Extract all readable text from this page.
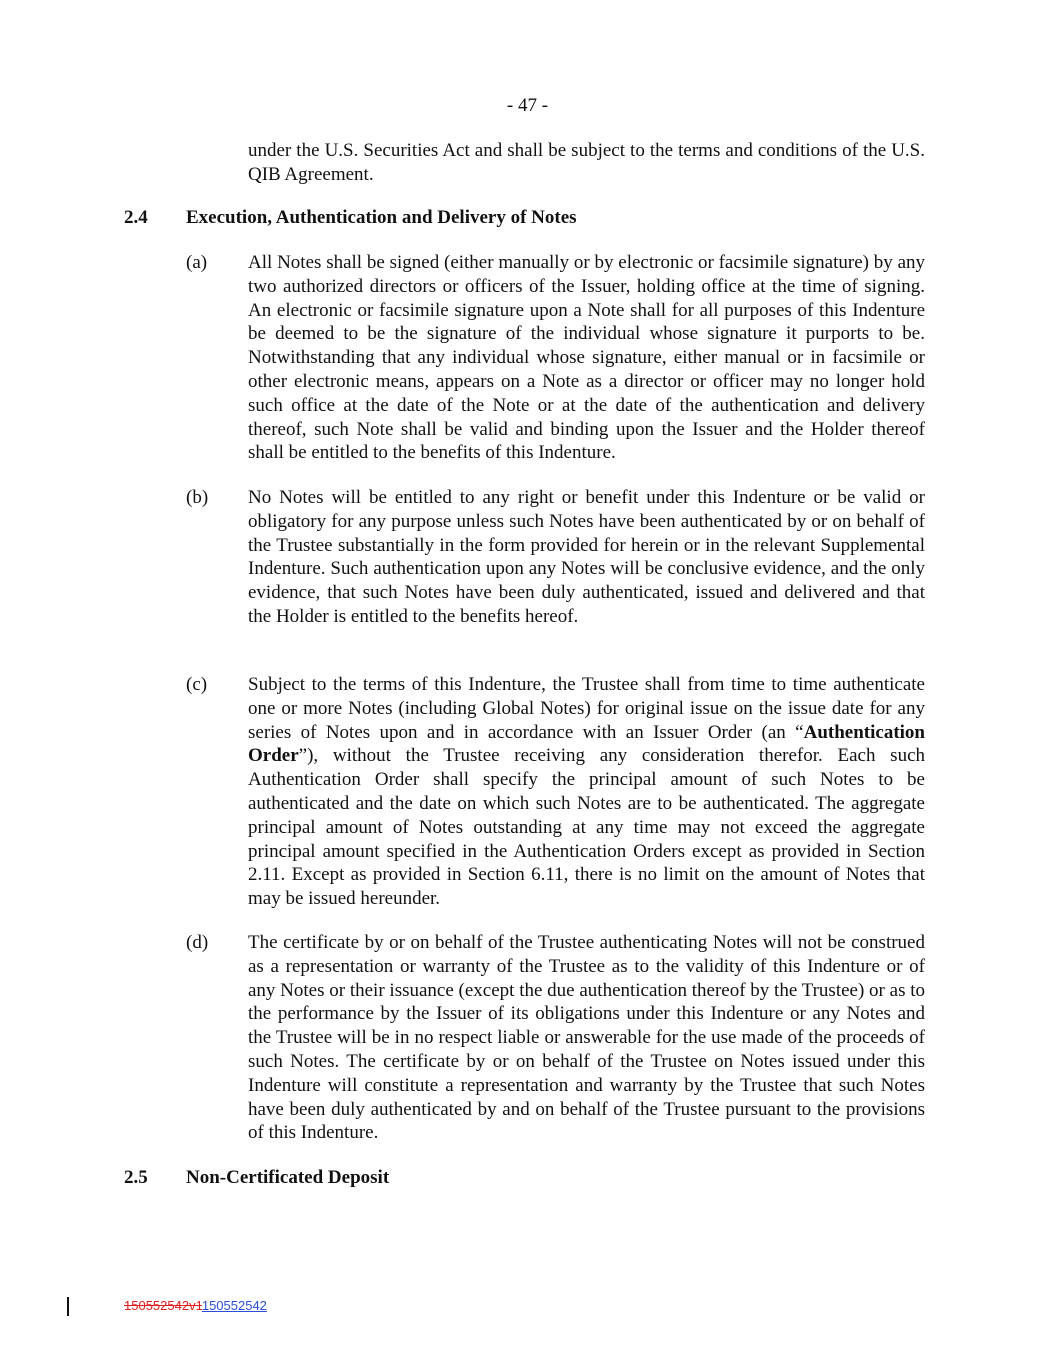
- 47 -
under the U.S. Securities Act and shall be subject to the terms and conditions of the U.S. QIB Agreement.
2.4 Execution, Authentication and Delivery of Notes
(a) All Notes shall be signed (either manually or by electronic or facsimile signature) by any two authorized directors or officers of the Issuer, holding office at the time of signing. An electronic or facsimile signature upon a Note shall for all purposes of this Indenture be deemed to be the signature of the individual whose signature it purports to be. Notwithstanding that any individual whose signature, either manual or in facsimile or other electronic means, appears on a Note as a director or officer may no longer hold such office at the date of the Note or at the date of the authentication and delivery thereof, such Note shall be valid and binding upon the Issuer and the Holder thereof shall be entitled to the benefits of this Indenture.
(b) No Notes will be entitled to any right or benefit under this Indenture or be valid or obligatory for any purpose unless such Notes have been authenticated by or on behalf of the Trustee substantially in the form provided for herein or in the relevant Supplemental Indenture. Such authentication upon any Notes will be conclusive evidence, and the only evidence, that such Notes have been duly authenticated, issued and delivered and that the Holder is entitled to the benefits hereof.
(c) Subject to the terms of this Indenture, the Trustee shall from time to time authenticate one or more Notes (including Global Notes) for original issue on the issue date for any series of Notes upon and in accordance with an Issuer Order (an “Authentication Order”), without the Trustee receiving any consideration therefor. Each such Authentication Order shall specify the principal amount of such Notes to be authenticated and the date on which such Notes are to be authenticated. The aggregate principal amount of Notes outstanding at any time may not exceed the aggregate principal amount specified in the Authentication Orders except as provided in Section 2.11. Except as provided in Section 6.11, there is no limit on the amount of Notes that may be issued hereunder.
(d) The certificate by or on behalf of the Trustee authenticating Notes will not be construed as a representation or warranty of the Trustee as to the validity of this Indenture or of any Notes or their issuance (except the due authentication thereof by the Trustee) or as to the performance by the Issuer of its obligations under this Indenture or any Notes and the Trustee will be in no respect liable or answerable for the use made of the proceeds of such Notes. The certificate by or on behalf of the Trustee on Notes issued under this Indenture will constitute a representation and warranty by the Trustee that such Notes have been duly authenticated by and on behalf of the Trustee pursuant to the provisions of this Indenture.
2.5 Non-Certificated Deposit
150552542v1150552542
